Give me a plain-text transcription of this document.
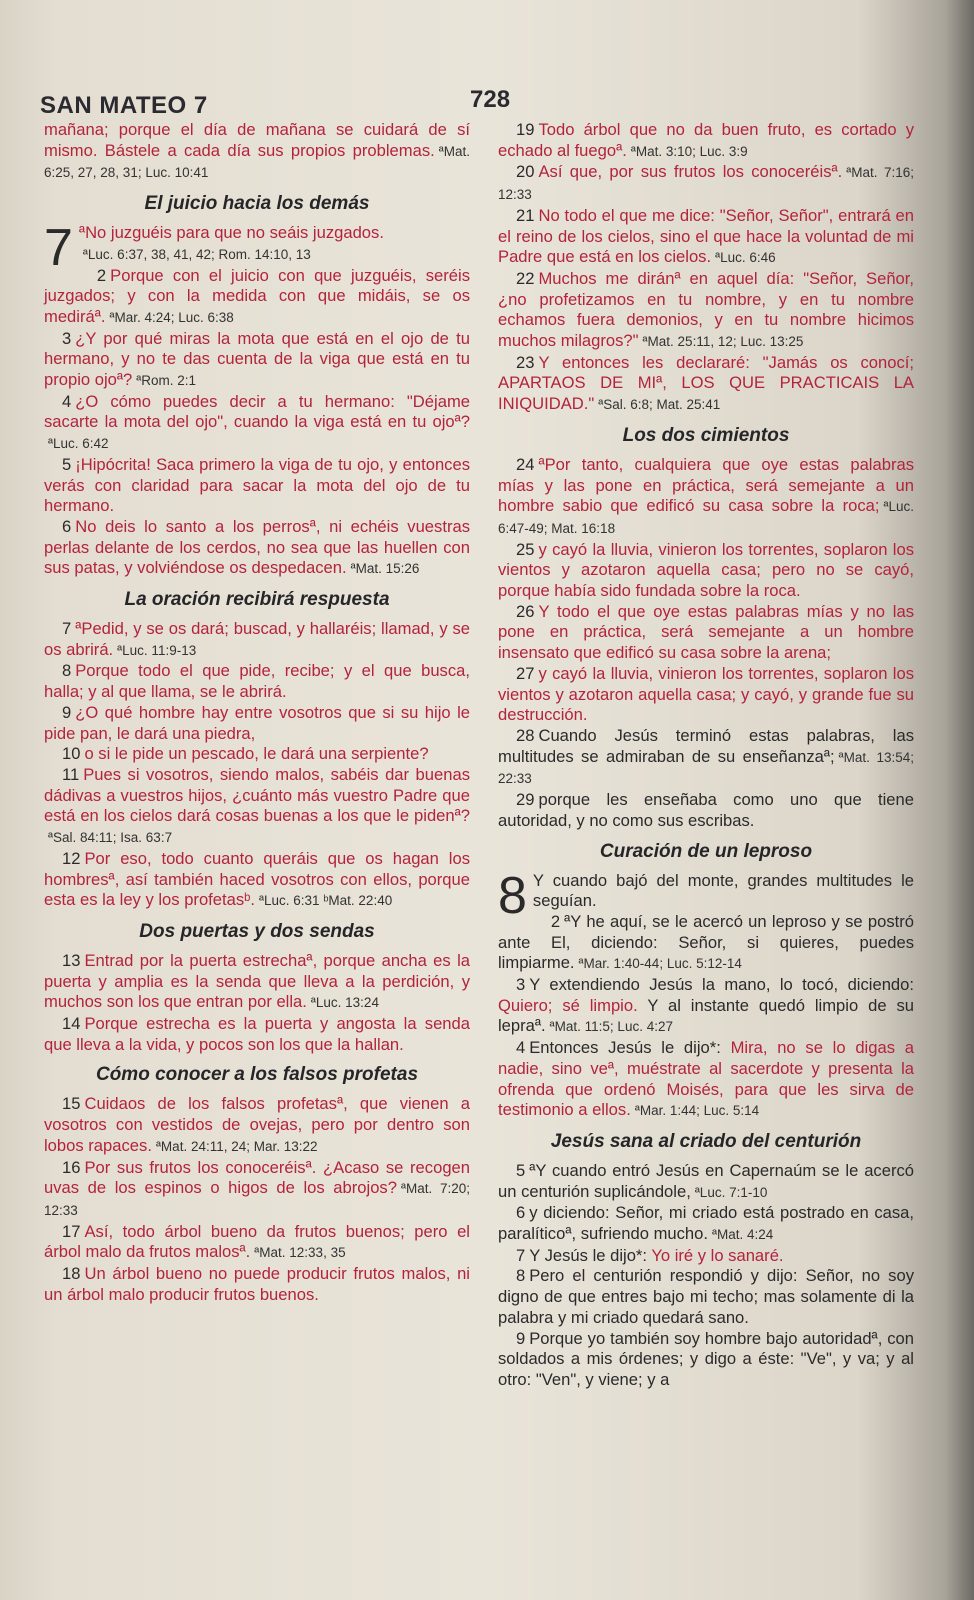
SAN MATEO 7	728

mañana; porque el día de mañana se cuidará de sí mismo. Bástele a cada día sus propios problemas. ªMat. 6:25, 27, 28, 31; Luc. 10:41

El juicio hacia los demás

7 ªNo juzguéis para que no seáis juzgados.
ªLuc. 6:37, 38, 41, 42; Rom. 14:10, 13

2 Porque con el juicio con que juzguéis, seréis juzgados; y con la medida con que midáis, se os mediráª. ªMar. 4:24; Luc. 6:38

3 ¿Y por qué miras la mota que está en el ojo de tu hermano, y no te das cuenta de la viga que está en tu propio ojoª? ªRom. 2:1

4 ¿O cómo puedes decir a tu hermano: "Déjame sacarte la mota del ojo", cuando la viga está en tu ojoª?ªLuc. 6:42

5 ¡Hipócrita! Saca primero la viga de tu ojo, y entonces verás con claridad para sacar la mota del ojo de tu hermano.

6 No deis lo santo a los perrosª, ni echéis vuestras perlas delante de los cerdos, no sea que las huellen con sus patas, y volviéndose os despedacen. ªMat. 15:26

La oración recibirá respuesta

7 ªPedid, y se os dará; buscad, y hallaréis; llamad, y se os abrirá. ªLuc. 11:9-13

8 Porque todo el que pide, recibe; y el que busca, halla; y al que llama, se le abrirá.

9 ¿O qué hombre hay entre vosotros que si su hijo le pide pan, le dará una piedra,

10 o si le pide un pescado, le dará una serpiente?

11 Pues si vosotros, siendo malos, sabéis dar buenas dádivas a vuestros hijos, ¿cuánto más vuestro Padre que está en los cielos dará cosas buenas a los que le pidenª?ªSal. 84:11; Isa. 63:7

12 Por eso, todo cuanto queráis que os hagan los hombresª, así también haced vosotros con ellos, porque esta es la ley y los profetasᵇ. ªLuc. 6:31 ᵇMat. 22:40

Dos puertas y dos sendas

13 Entrad por la puerta estrechaª, porque ancha es la puerta y amplia es la senda que lleva a la perdición, y muchos son los que entran por ella. ªLuc. 13:24

14 Porque estrecha es la puerta y angosta la senda que lleva a la vida, y pocos son los que la hallan.

Cómo conocer a los falsos profetas

15 Cuidaos de los falsos profetasª, que vienen a vosotros con vestidos de ovejas, pero por dentro son lobos rapaces. ªMat. 24:11, 24; Mar. 13:22

16 Por sus frutos los conoceréisª. ¿Acaso se recogen uvas de los espinos o higos de los abrojos? ªMat. 7:20; 12:33

17 Así, todo árbol bueno da frutos buenos; pero el árbol malo da frutos malosª. ªMat. 12:33, 35

18 Un árbol bueno no puede producir frutos malos, ni un árbol malo producir frutos buenos.

19 Todo árbol que no da buen fruto, es cortado y echado al fuegoª. ªMat. 3:10; Luc. 3:9

20 Así que, por sus frutos los conoceréisª. ªMat. 7:16; 12:33

21 No todo el que me dice: "Señor, Señor", entrará en el reino de los cielos, sino el que hace la voluntad de mi Padre que está en los cielos. ªLuc. 6:46

22 Muchos me diránª en aquel día: "Señor, Señor, ¿no profetizamos en tu nombre, y en tu nombre echamos fuera demonios, y en tu nombre hicimos muchos milagros?" ªMat. 25:11, 12; Luc. 13:25

23 Y entonces les declararé: "Jamás os conocí; APARTAOS DE MIª, LOS QUE PRACTICAIS LA INIQUIDAD." ªSal. 6:8; Mat. 25:41

Los dos cimientos

24 ªPor tanto, cualquiera que oye estas palabras mías y las pone en práctica, será semejante a un hombre sabio que edificó su casa sobre la roca; ªLuc. 6:47-49; Mat. 16:18

25 y cayó la lluvia, vinieron los torrentes, soplaron los vientos y azotaron aquella casa; pero no se cayó, porque había sido fundada sobre la roca.

26 Y todo el que oye estas palabras mías y no las pone en práctica, será semejante a un hombre insensato que edificó su casa sobre la arena;

27 y cayó la lluvia, vinieron los torrentes, soplaron los vientos y azotaron aquella casa; y cayó, y grande fue su destrucción.

28 Cuando Jesús terminó estas palabras, las multitudes se admiraban de su enseñanzaª; ªMat. 13:54; 22:33

29 porque les enseñaba como uno que tiene autoridad, y no como sus escribas.

Curación de un leproso

8 Y cuando bajó del monte, grandes multitudes le seguían.

2 ªY he aquí, se le acercó un leproso y se postró ante El, diciendo: Señor, si quieres, puedes limpiarme. ªMar. 1:40-44; Luc. 5:12-14

3 Y extendiendo Jesús la mano, lo tocó, diciendo: Quiero; sé limpio. Y al instante quedó limpio de su lepraª. ªMat. 11:5; Luc. 4:27

4 Entonces Jesús le dijo*: Mira, no se lo digas a nadie, sino veª, muéstrate al sacerdote y presenta la ofrenda que ordenó Moisés, para que les sirva de testimonio a ellos. ªMar. 1:44; Luc. 5:14

Jesús sana al criado del centurión

5 ªY cuando entró Jesús en Capernaúm se le acercó un centurión suplicándole, ªLuc. 7:1-10

6 y diciendo: Señor, mi criado está postrado en casa, paralíticoª, sufriendo mucho. ªMat. 4:24

7 Y Jesús le dijo*: Yo iré y lo sanaré.

8 Pero el centurión respondió y dijo: Señor, no soy digno de que entres bajo mi techo; mas solamente di la palabra y mi criado quedará sano.

9 Porque yo también soy hombre bajo autoridadª, con soldados a mis órdenes; y digo a éste: "Ve", y va; y al otro: "Ven", y viene; y a
